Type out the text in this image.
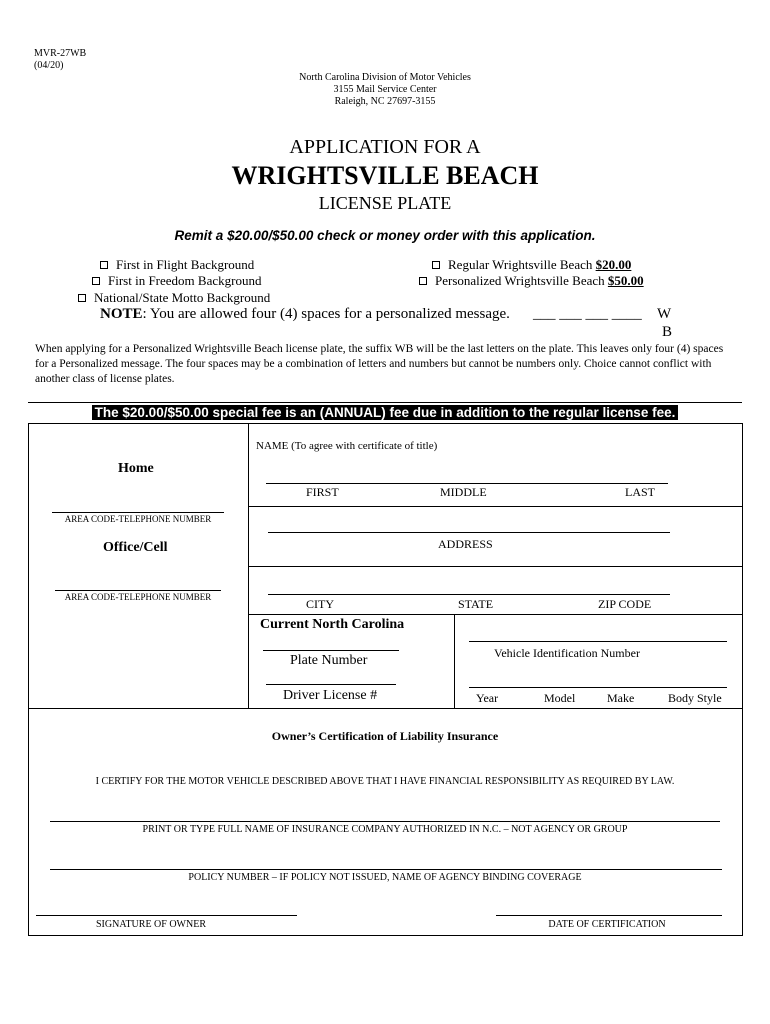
MVR-27WB
(04/20)
North Carolina Division of Motor Vehicles
3155 Mail Service Center
Raleigh, NC 27697-3155
APPLICATION FOR A
WRIGHTSVILLE BEACH
LICENSE PLATE
Remit a $20.00/$50.00 check or money order with this application.
First in Flight Background
First in Freedom Background
National/State Motto Background
Regular Wrightsville Beach $20.00
Personalized Wrightsville Beach $50.00
NOTE: You are allowed four (4) spaces for a personalized message. ___ ___ ___ ____ W
B
When applying for a Personalized Wrightsville Beach license plate, the suffix WB will be the last letters on the plate. This leaves only four (4) spaces for a Personalized message. The four spaces may be a combination of letters and numbers but cannot be numbers only. Choice cannot conflict with another class of license plates.
The $20.00/$50.00 special fee is an (ANNUAL) fee due in addition to the regular license fee.
Home
AREA CODE-TELEPHONE NUMBER
Office/Cell
AREA CODE-TELEPHONE NUMBER
NAME (To agree with certificate of title)
FIRST	MIDDLE	LAST
ADDRESS
CITY	STATE	ZIP CODE
Current North Carolina
Plate Number
Driver License #
Vehicle Identification Number
Year	Model	Make	Body Style
Owner’s Certification of Liability Insurance
I CERTIFY FOR THE MOTOR VEHICLE DESCRIBED ABOVE THAT I HAVE FINANCIAL RESPONSIBILITY AS REQUIRED BY LAW.
PRINT OR TYPE FULL NAME OF INSURANCE COMPANY AUTHORIZED IN N.C. – NOT AGENCY OR GROUP
POLICY NUMBER – IF POLICY NOT ISSUED, NAME OF AGENCY BINDING COVERAGE
SIGNATURE OF OWNER	DATE OF CERTIFICATION
